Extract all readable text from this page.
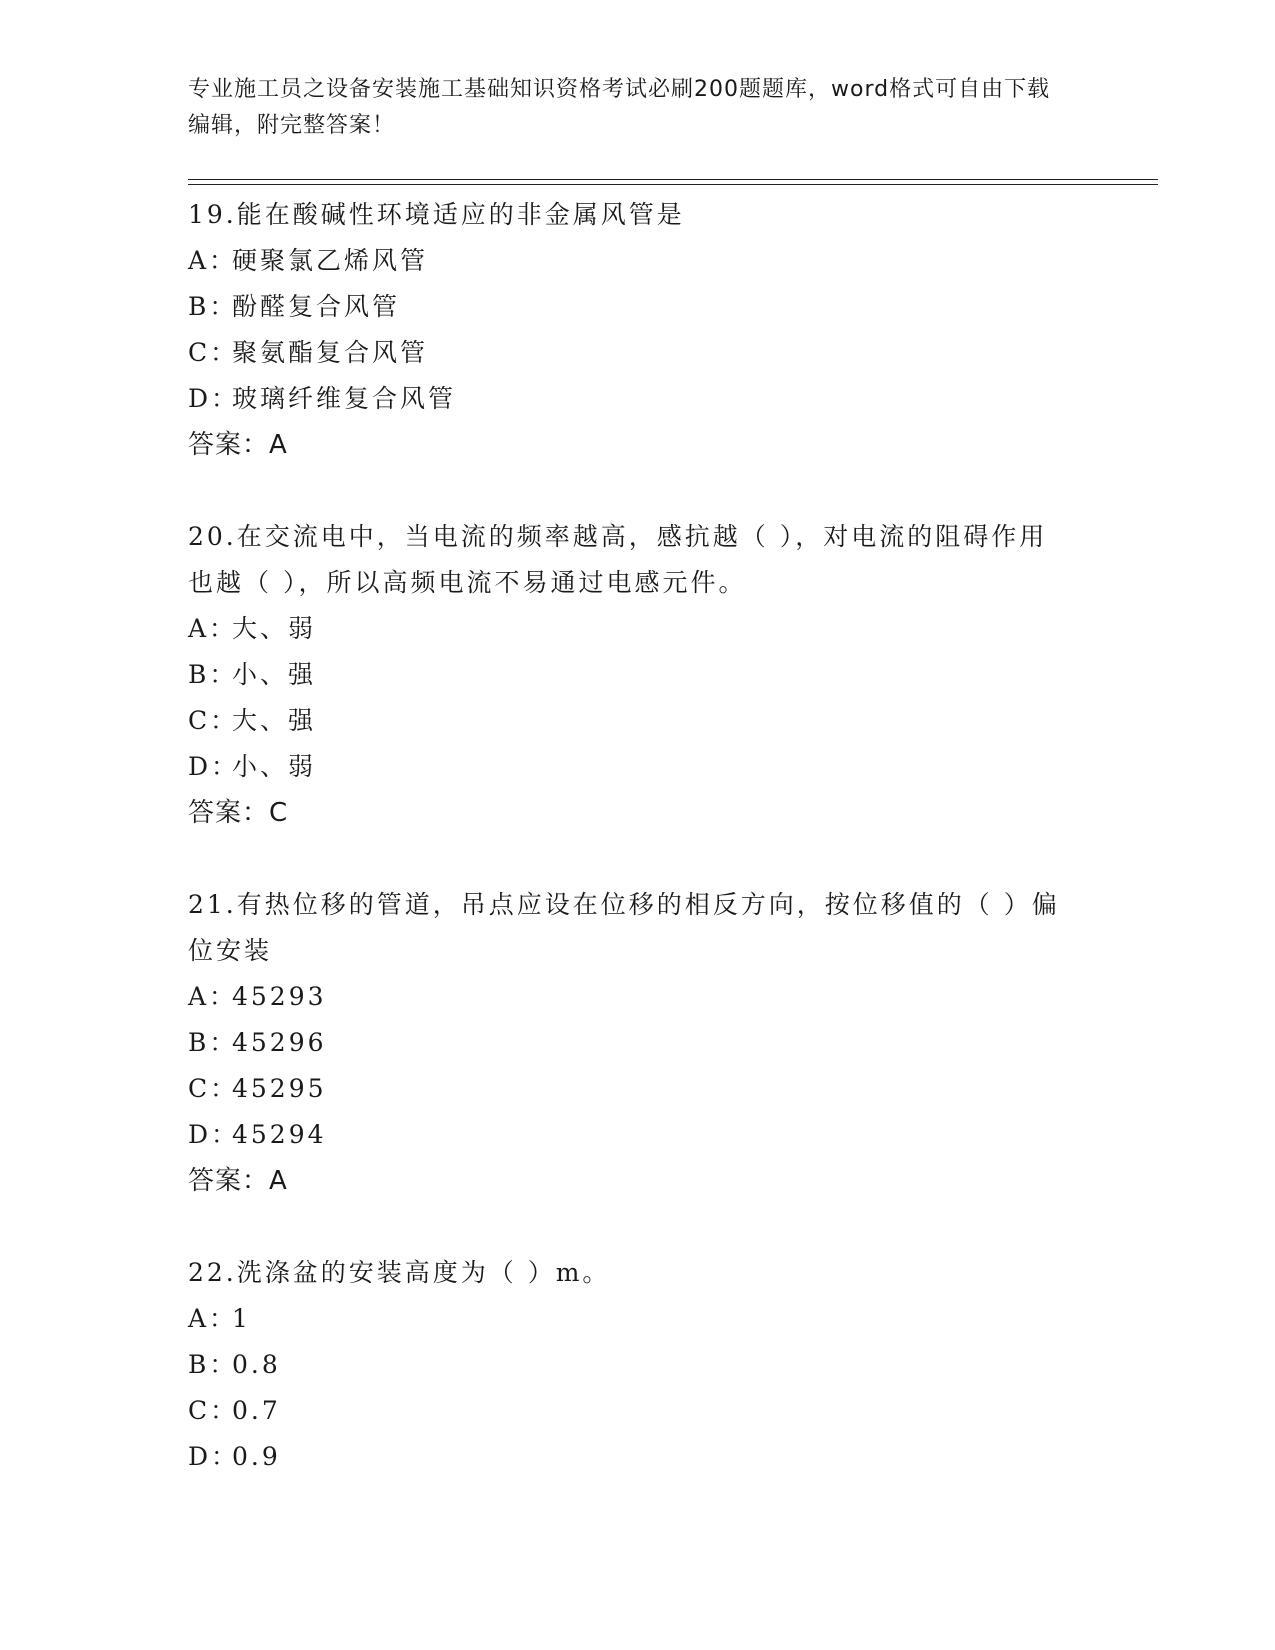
专业施工员之设备安装施工基础知识资格考试必刷200题题库，word格式可自由下载编辑，附完整答案！
19.能在酸碱性环境适应的非金属风管是
A：硬聚氯乙烯风管
B：酚醛复合风管
C：聚氨酯复合风管
D：玻璃纤维复合风管
答案：A
20.在交流电中，当电流的频率越高，感抗越（ ），对电流的阻碍作用也越（ ），所以高频电流不易通过电感元件。
A：大、弱
B：小、强
C：大、强
D：小、弱
答案：C
21.有热位移的管道，吊点应设在位移的相反方向，按位移值的（ ）偏位安装
A：45293
B：45296
C：45295
D：45294
答案：A
22.洗涤盆的安装高度为（ ）m。
A：1
B：0.8
C：0.7
D：0.9
